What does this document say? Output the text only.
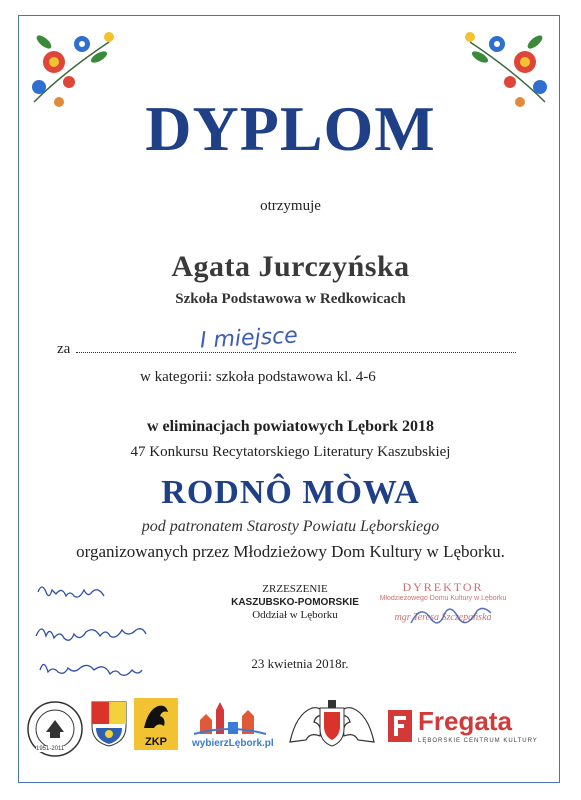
DYPLOM
otrzymuje
Agata Jurczyńska
Szkoła Podstawowa w Redkowicach
za	I miejsce
w kategorii: szkoła podstawowa kl. 4-6
w eliminacjach powiatowych Lębork 2018
47 Konkursu Recytatorskiego Literatury Kaszubskiej
RODNÔ MÒWA
pod patronatem Starosty Powiatu Lęborskiego
organizowanych przez Młodzieżowy Dom Kultury w Lęborku.
ZRZESZENIE
KASZUBSKO-POMORSKIE
Oddział w Lęborku
23 kwietnia 2018r.
DYREKTOR
Młodzieżowego Domu Kultury w Lęborku
mgr Teresa Szczepańska
1951-2011
ZKP	wybierzLębork.pl
Fregata
LĘBORSKIE CENTRUM KULTURY
